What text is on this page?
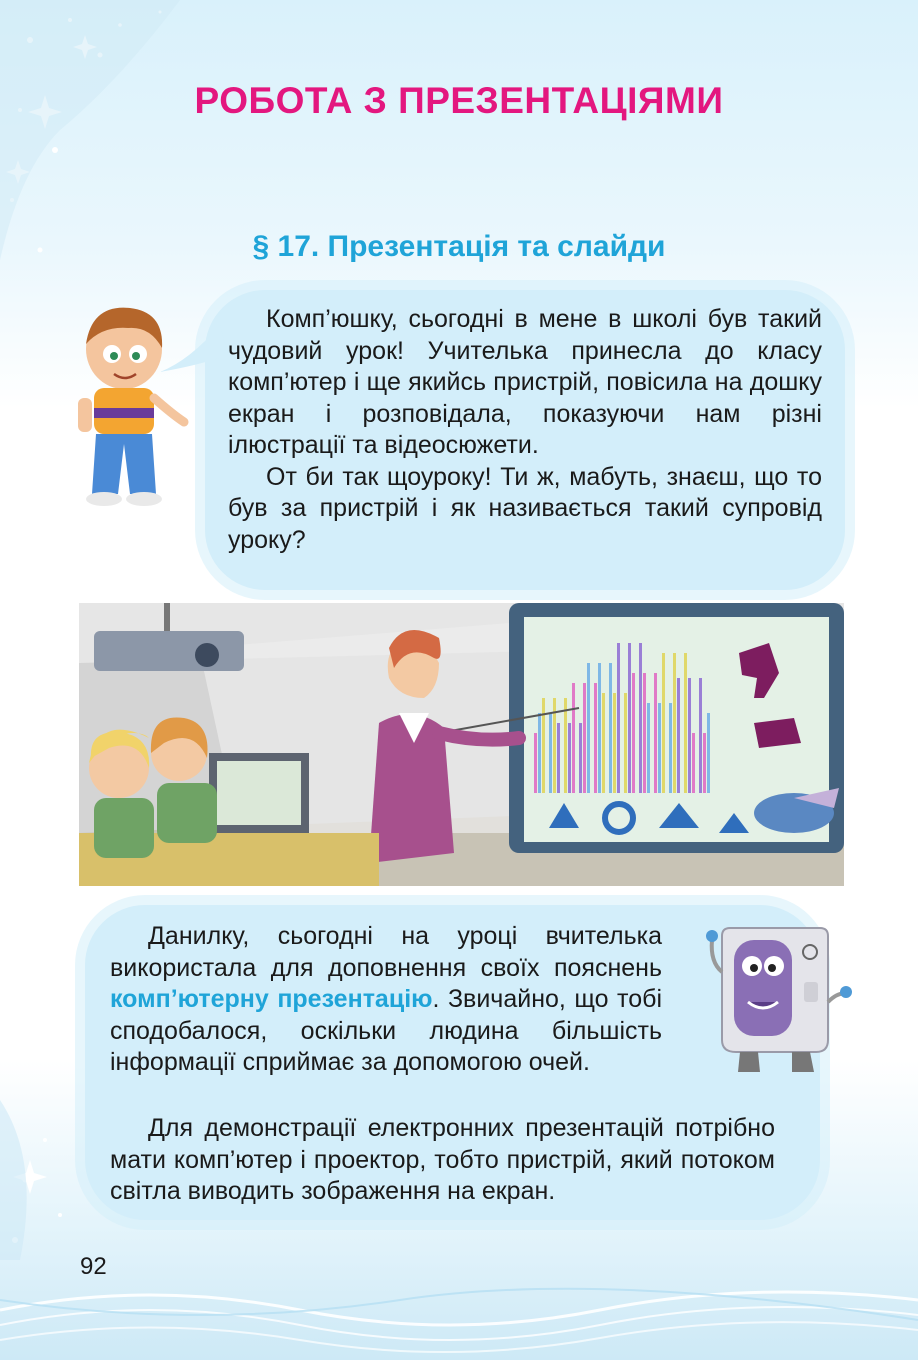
РОБОТА З ПРЕЗЕНТАЦІЯМИ
§ 17. Презентація та слайди

Комп’юшку, сьогодні в мене в школі був такий чудовий урок! Учителька принесла до класу комп’ютер і ще якийсь пристрій, повісила на дошку екран і розповідала, показуючи нам різні ілюстрації та відеосюжети.

От би так щоуроку! Ти ж, мабуть, знаєш, що то був за пристрій і як називається такий супровід уроку?

Данилку, сьогодні на уроці вчителька використала для доповнення своїх пояснень комп’ютерну презентацію. Звичайно, що тобі сподобалося, оскільки людина більшість інформації сприймає за допомогою очей.

Для демонстрації електронних презентацій потрібно мати комп’ютер і проектор, тобто пристрій, який потоком світла виводить зображення на екран.

92
